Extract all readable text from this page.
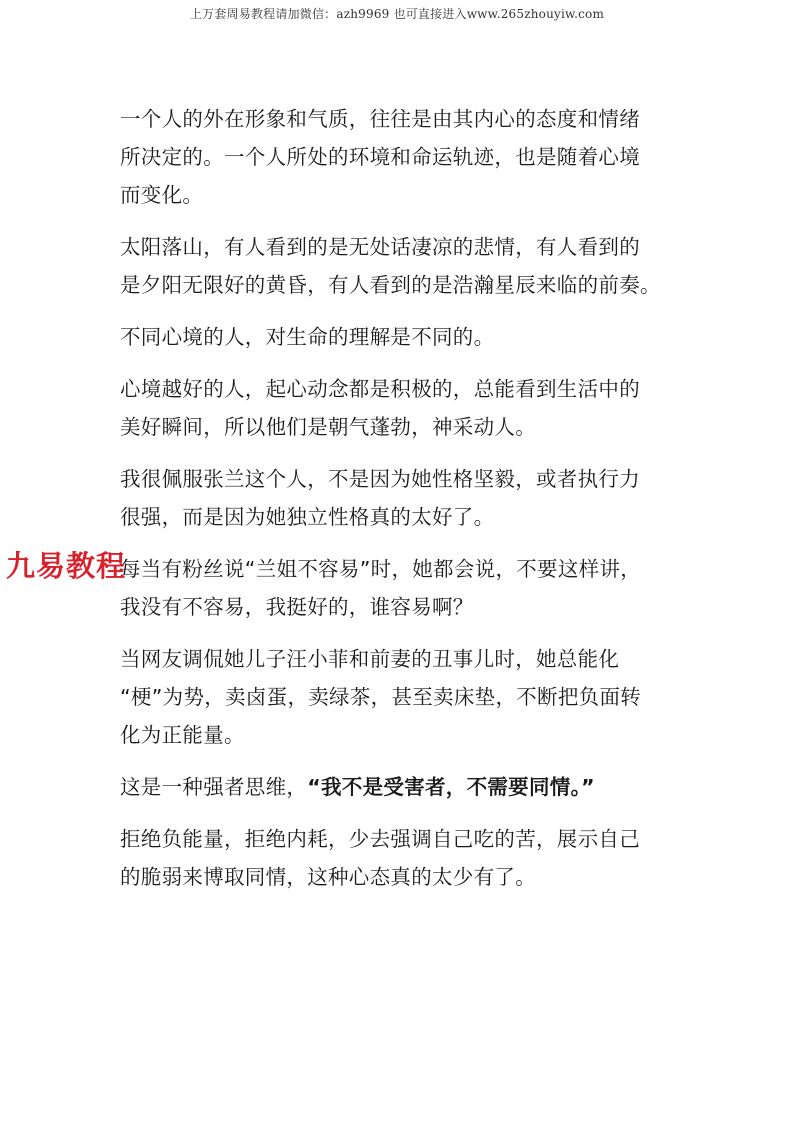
上万套周易教程请加微信：azh9969 也可直接进入www.265zhouyiw.com

一个人的外在形象和气质，往往是由其内心的态度和情绪
所决定的。一个人所处的环境和命运轨迹，也是随着心境
而变化。

太阳落山，有人看到的是无处话凄凉的悲情，有人看到的
是夕阳无限好的黄昏，有人看到的是浩瀚星辰来临的前奏。

不同心境的人，对生命的理解是不同的。

心境越好的人，起心动念都是积极的，总能看到生活中的
美好瞬间，所以他们是朝气蓬勃，神采动人。

我很佩服张兰这个人，不是因为她性格坚毅，或者执行力
很强，而是因为她独立性格真的太好了。

每当有粉丝说“兰姐不容易”时，她都会说，不要这样讲，
我没有不容易，我挺好的，谁容易啊？

当网友调侃她儿子汪小菲和前妻的丑事儿时，她总能化
“梗”为势，卖卤蛋，卖绿茶，甚至卖床垫，不断把负面转
化为正能量。

这是一种强者思维，“我不是受害者，不需要同情。”

拒绝负能量，拒绝内耗，少去强调自己吃的苦，展示自己
的脆弱来博取同情，这种心态真的太少有了。

九易教程
